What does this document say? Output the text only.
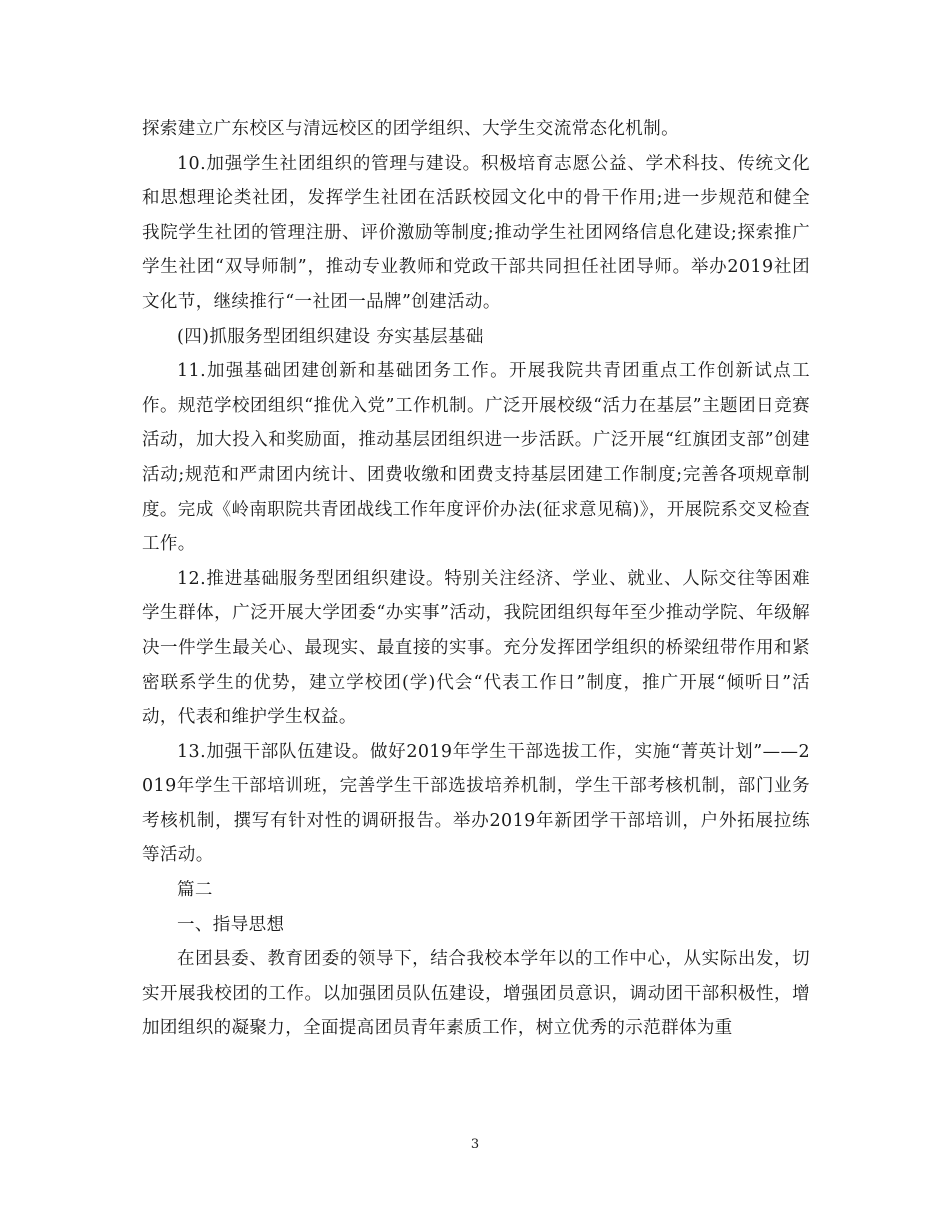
探索建立广东校区与清远校区的团学组织、大学生交流常态化机制。

10.加强学生社团组织的管理与建设。积极培育志愿公益、学术科技、传统文化和思想理论类社团，发挥学生社团在活跃校园文化中的骨干作用;进一步规范和健全我院学生社团的管理注册、评价激励等制度;推动学生社团网络信息化建设;探索推广学生社团“双导师制”，推动专业教师和党政干部共同担任社团导师。举办2019社团文化节，继续推行“一社团一品牌”创建活动。

(四)抓服务型团组织建设 夯实基层基础

11.加强基础团建创新和基础团务工作。开展我院共青团重点工作创新试点工作。规范学校团组织“推优入党”工作机制。广泛开展校级“活力在基层”主题团日竞赛活动，加大投入和奖励面，推动基层团组织进一步活跃。广泛开展“红旗团支部”创建活动;规范和严肃团内统计、团费收缴和团费支持基层团建工作制度;完善各项规章制度。完成《岭南职院共青团战线工作年度评价办法(征求意见稿)》，开展院系交叉检查工作。

12.推进基础服务型团组织建设。特别关注经济、学业、就业、人际交往等困难学生群体，广泛开展大学团委“办实事”活动，我院团组织每年至少推动学院、年级解决一件学生最关心、最现实、最直接的实事。充分发挥团学组织的桥梁纽带作用和紧密联系学生的优势，建立学校团(学)代会“代表工作日”制度，推广开展“倾听日”活动，代表和维护学生权益。

13.加强干部队伍建设。做好2019年学生干部选拔工作，实施“菁英计划”——2019年学生干部培训班，完善学生干部选拔培养机制，学生干部考核机制，部门业务考核机制，撰写有针对性的调研报告。举办2019年新团学干部培训，户外拓展拉练等活动。

篇二

一、指导思想

在团县委、教育团委的领导下，结合我校本学年以的工作中心，从实际出发，切实开展我校团的工作。以加强团员队伍建设，增强团员意识，调动团干部积极性，增加团组织的凝聚力，全面提高团员青年素质工作，树立优秀的示范群体为重

3
